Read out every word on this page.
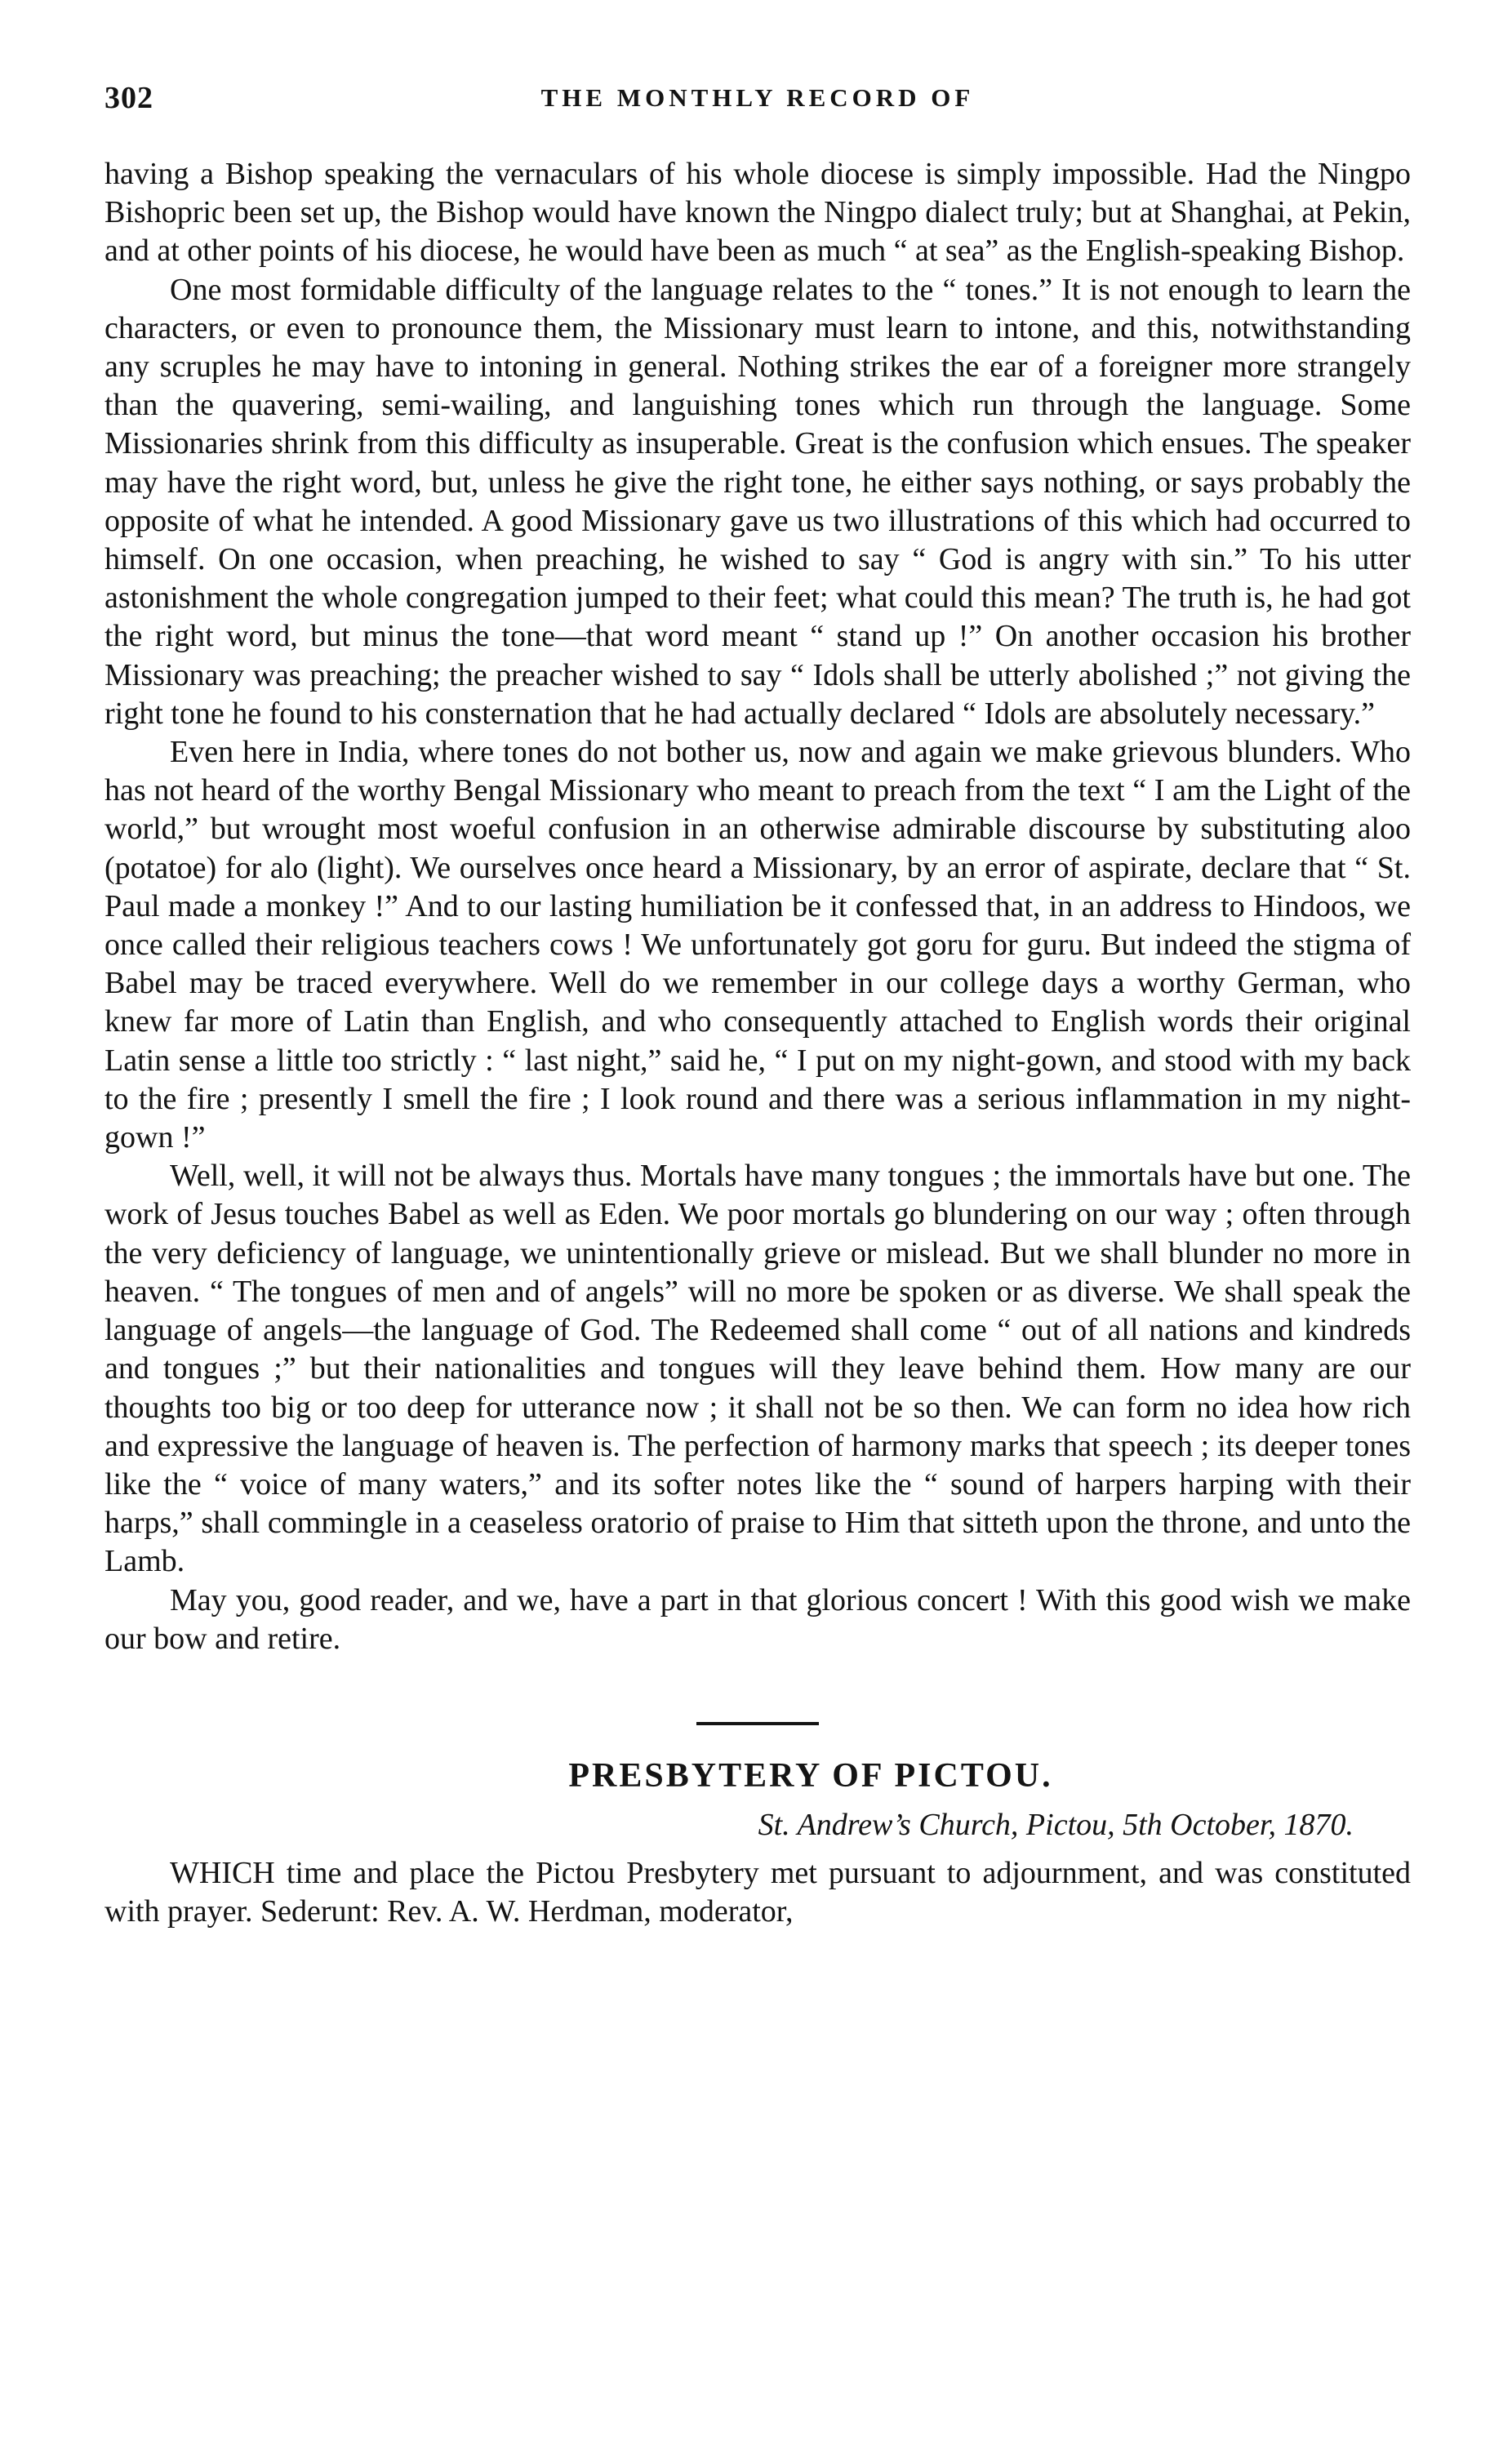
302	THE MONTHLY RECORD OF

having a Bishop speaking the vernaculars of his whole diocese is simply impossible. Had the Ningpo Bishopric been set up, the Bishop would have known the Ningpo dialect truly; but at Shanghai, at Pekin, and at other points of his diocese, he would have been as much “ at sea” as the English-speaking Bishop.

One most formidable difficulty of the language relates to the “ tones.” It is not enough to learn the characters, or even to pronounce them, the Missionary must learn to intone, and this, notwithstanding any scruples he may have to intoning in general. Nothing strikes the ear of a foreigner more strangely than the quavering, semi-wailing, and languishing tones which run through the language. Some Missionaries shrink from this difficulty as insuperable. Great is the confusion which ensues. The speaker may have the right word, but, unless he give the right tone, he either says nothing, or says probably the opposite of what he intended. A good Missionary gave us two illustrations of this which had occurred to himself. On one occasion, when preaching, he wished to say “ God is angry with sin.” To his utter astonishment the whole congregation jumped to their feet; what could this mean? The truth is, he had got the right word, but minus the tone—that word meant “ stand up !” On another occasion his brother Missionary was preaching; the preacher wished to say “ Idols shall be utterly abolished ;” not giving the right tone he found to his consternation that he had actually declared “ Idols are absolutely necessary.”

Even here in India, where tones do not bother us, now and again we make grievous blunders. Who has not heard of the worthy Bengal Missionary who meant to preach from the text “ I am the Light of the world,” but wrought most woeful confusion in an otherwise admirable discourse by substituting aloo (potatoe) for alo (light). We ourselves once heard a Missionary, by an error of aspirate, declare that “ St. Paul made a monkey !” And to our lasting humiliation be it confessed that, in an address to Hindoos, we once called their religious teachers cows ! We unfortunately got goru for guru. But indeed the stigma of Babel may be traced everywhere. Well do we remember in our college days a worthy German, who knew far more of Latin than English, and who consequently attached to English words their original Latin sense a little too strictly : “ last night,” said he, “ I put on my night-gown, and stood with my back to the fire ; presently I smell the fire ; I look round and there was a serious inflammation in my night-gown !”

Well, well, it will not be always thus. Mortals have many tongues ; the immortals have but one. The work of Jesus touches Babel as well as Eden. We poor mortals go blundering on our way ; often through the very deficiency of language, we unintentionally grieve or mislead. But we shall blunder no more in heaven. “ The tongues of men and of angels” will no more be spoken or as diverse. We shall speak the language of angels—the language of God. The Redeemed shall come “ out of all nations and kindreds and tongues ;” but their nationalities and tongues will they leave behind them. How many are our thoughts too big or too deep for utterance now ; it shall not be so then. We can form no idea how rich and expressive the language of heaven is. The perfection of harmony marks that speech ; its deeper tones like the “ voice of many waters,” and its softer notes like the “ sound of harpers harping with their harps,” shall commingle in a ceaseless oratorio of praise to Him that sitteth upon the throne, and unto the Lamb.

May you, good reader, and we, have a part in that glorious concert ! With this good wish we make our bow and retire.

PRESBYTERY OF PICTOU.
St. Andrew’s Church, Pictou, 5th October, 1870.

WHICH time and place the Pictou Presbytery met pursuant to adjournment, and was constituted with prayer. Sederunt: Rev. A. W. Herdman, moderator,
